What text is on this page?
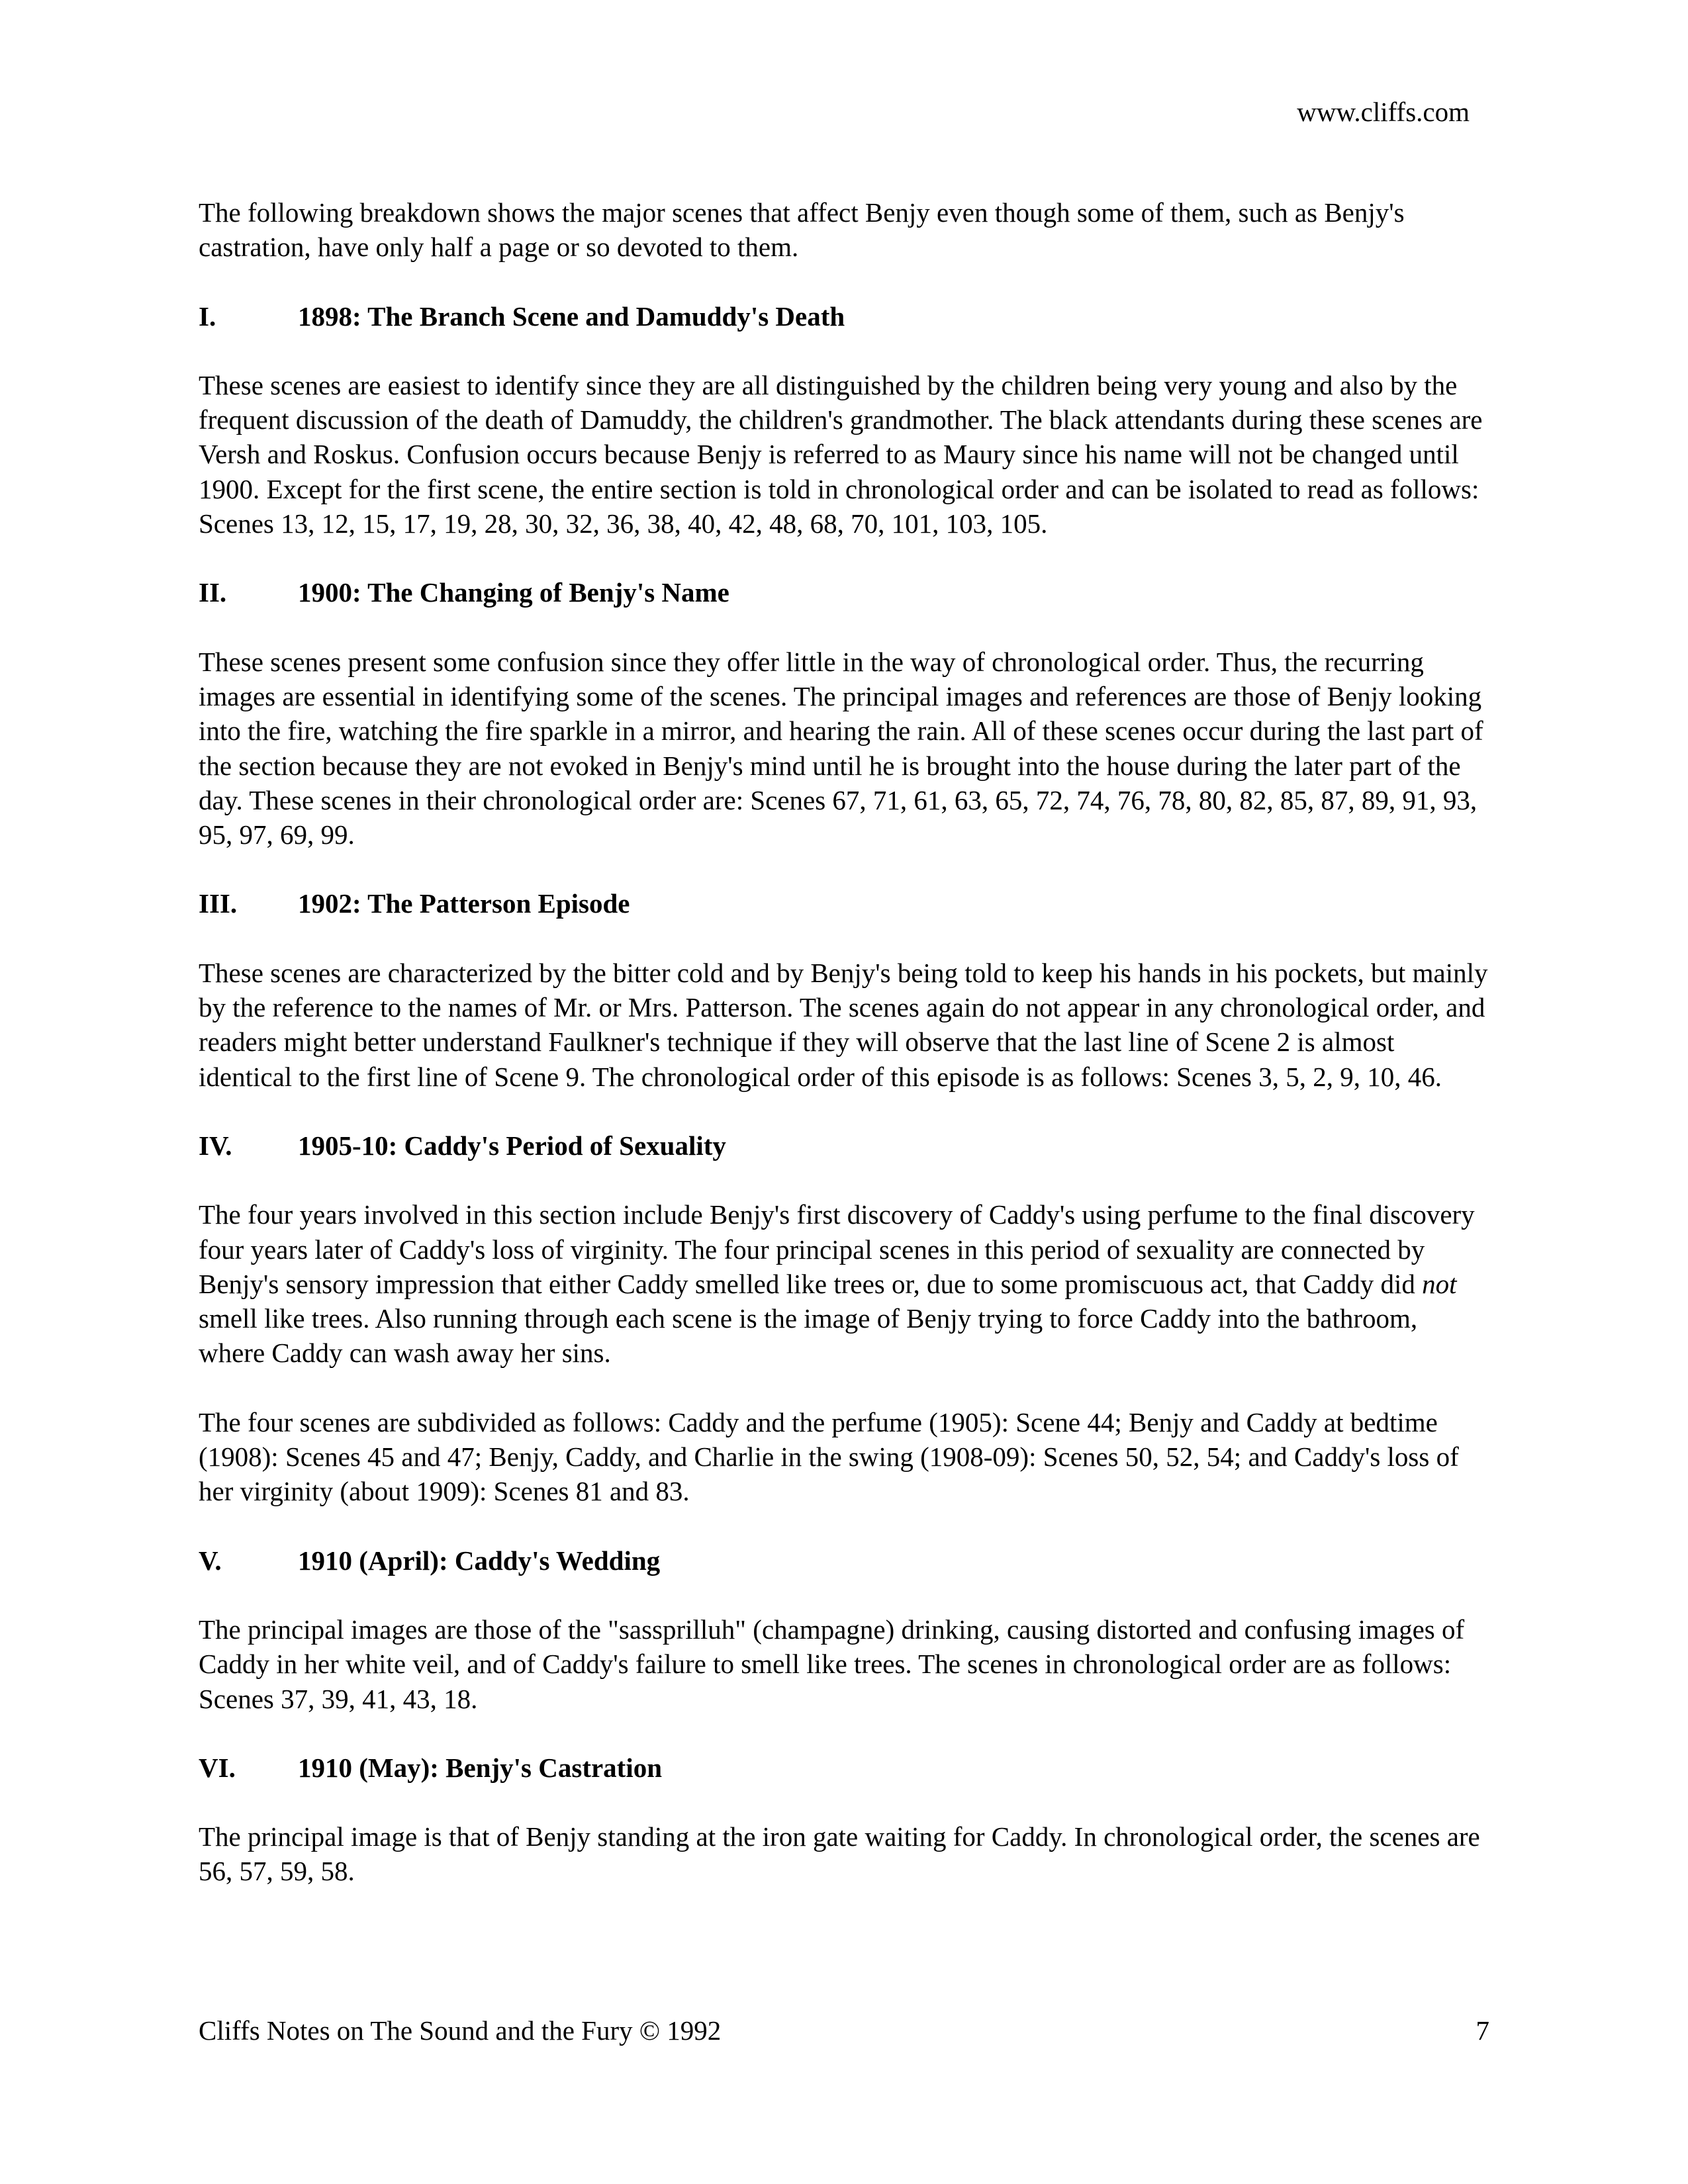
www.cliffs.com

The following breakdown shows the major scenes that affect Benjy even though some of them, such as Benjy's castration, have only half a page or so devoted to them.

I.	1898: The Branch Scene and Damuddy's Death

These scenes are easiest to identify since they are all distinguished by the children being very young and also by the frequent discussion of the death of Damuddy, the children's grandmother. The black attendants during these scenes are Versh and Roskus. Confusion occurs because Benjy is referred to as Maury since his name will not be changed until 1900. Except for the first scene, the entire section is told in chronological order and can be isolated to read as follows: Scenes 13, 12, 15, 17, 19, 28, 30, 32, 36, 38, 40, 42, 48, 68, 70, 101, 103, 105.

II.	1900: The Changing of Benjy's Name

These scenes present some confusion since they offer little in the way of chronological order. Thus, the recurring images are essential in identifying some of the scenes. The principal images and references are those of Benjy looking into the fire, watching the fire sparkle in a mirror, and hearing the rain. All of these scenes occur during the last part of the section because they are not evoked in Benjy's mind until he is brought into the house during the later part of the day. These scenes in their chronological order are: Scenes 67, 71, 61, 63, 65, 72, 74, 76, 78, 80, 82, 85, 87, 89, 91, 93, 95, 97, 69, 99.

III.	1902: The Patterson Episode

These scenes are characterized by the bitter cold and by Benjy's being told to keep his hands in his pockets, but mainly by the reference to the names of Mr. or Mrs. Patterson. The scenes again do not appear in any chronological order, and readers might better understand Faulkner's technique if they will observe that the last line of Scene 2 is almost identical to the first line of Scene 9. The chronological order of this episode is as follows: Scenes 3, 5, 2, 9, 10, 46.

IV.	1905-10: Caddy's Period of Sexuality

The four years involved in this section include Benjy's first discovery of Caddy's using perfume to the final discovery four years later of Caddy's loss of virginity. The four principal scenes in this period of sexuality are connected by Benjy's sensory impression that either Caddy smelled like trees or, due to some promiscuous act, that Caddy did not smell like trees. Also running through each scene is the image of Benjy trying to force Caddy into the bathroom, where Caddy can wash away her sins.

The four scenes are subdivided as follows: Caddy and the perfume (1905): Scene 44; Benjy and Caddy at bedtime (1908): Scenes 45 and 47; Benjy, Caddy, and Charlie in the swing (1908-09): Scenes 50, 52, 54; and Caddy's loss of her virginity (about 1909): Scenes 81 and 83.

V.	1910 (April): Caddy's Wedding

The principal images are those of the "sassprilluh" (champagne) drinking, causing distorted and confusing images of Caddy in her white veil, and of Caddy's failure to smell like trees. The scenes in chronological order are as follows: Scenes 37, 39, 41, 43, 18.

VI.	1910 (May): Benjy's Castration

The principal image is that of Benjy standing at the iron gate waiting for Caddy. In chronological order, the scenes are 56, 57, 59, 58.

Cliffs Notes on The Sound and the Fury © 1992	7
